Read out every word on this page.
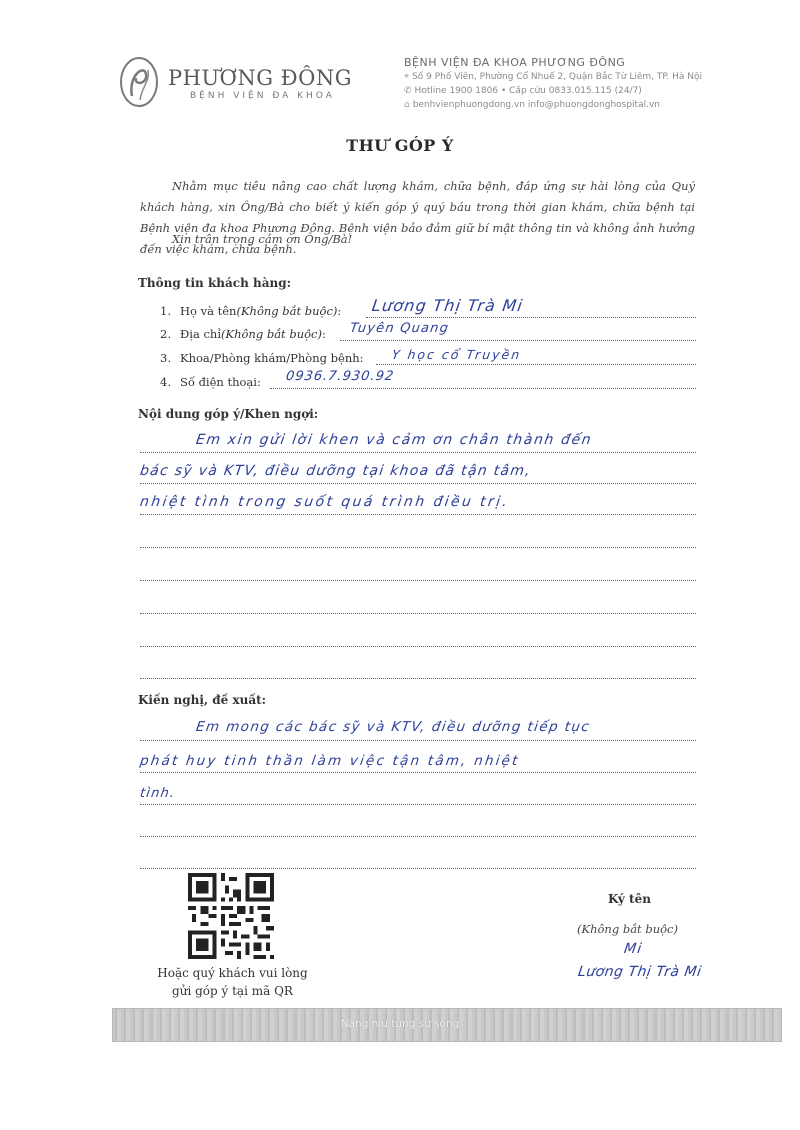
PHƯƠNG ĐÔNG
BỆNH VIỆN ĐA KHOA
BỆNH VIỆN ĐA KHOA PHƯƠNG ĐÔNG
⌖ Số 9 Phố Viên, Phường Cổ Nhuế 2, Quận Bắc Từ Liêm, TP. Hà Nội
✆ Hotline 1900 1806 • Cấp cứu 0833.015.115 (24/7)
⌂ benhvienphuongdong.vn info@phuongdonghospital.vn
THƯ GÓP Ý
Nhằm mục tiêu nâng cao chất lượng khám, chữa bệnh, đáp ứng sự hài lòng của Quý khách hàng, xin Ông/Bà cho biết ý kiến góp ý quý báu trong thời gian khám, chữa bệnh tại Bệnh viện đa khoa Phương Đông. Bệnh viện bảo đảm giữ bí mật thông tin và không ảnh hưởng đến việc khám, chữa bệnh.
Xin trân trọng cảm ơn Ông/Bà!
Thông tin khách hàng:
1. Họ và tên (Không bắt buộc) : Lương Thị Trà Mi
2. Địa chỉ (Không bắt buộc) : Tuyên Quang
3. Khoa/Phòng khám/Phòng bệnh: Y học cổ Truyền
4. Số điện thoại: 0936.7.930.92
Nội dung góp ý/Khen ngợi:
Em xin gửi lời khen và cảm ơn chân thành đến
bác sỹ và KTV, điều dưỡng tại khoa đã tận tâm,
nhiệt tình trong suốt quá trình điều trị.
Kiến nghị, đề xuất:
Em mong các bác sỹ và KTV, điều dưỡng tiếp tục
phát huy tinh thần làm việc tận tâm, nhiệt
tình.
Hoặc quý khách vui lòng
gửi góp ý tại mã QR
Ký tên
(Không bắt buộc)
Mi
Lương Thị Trà Mi
Nâng niu từng sự sống
